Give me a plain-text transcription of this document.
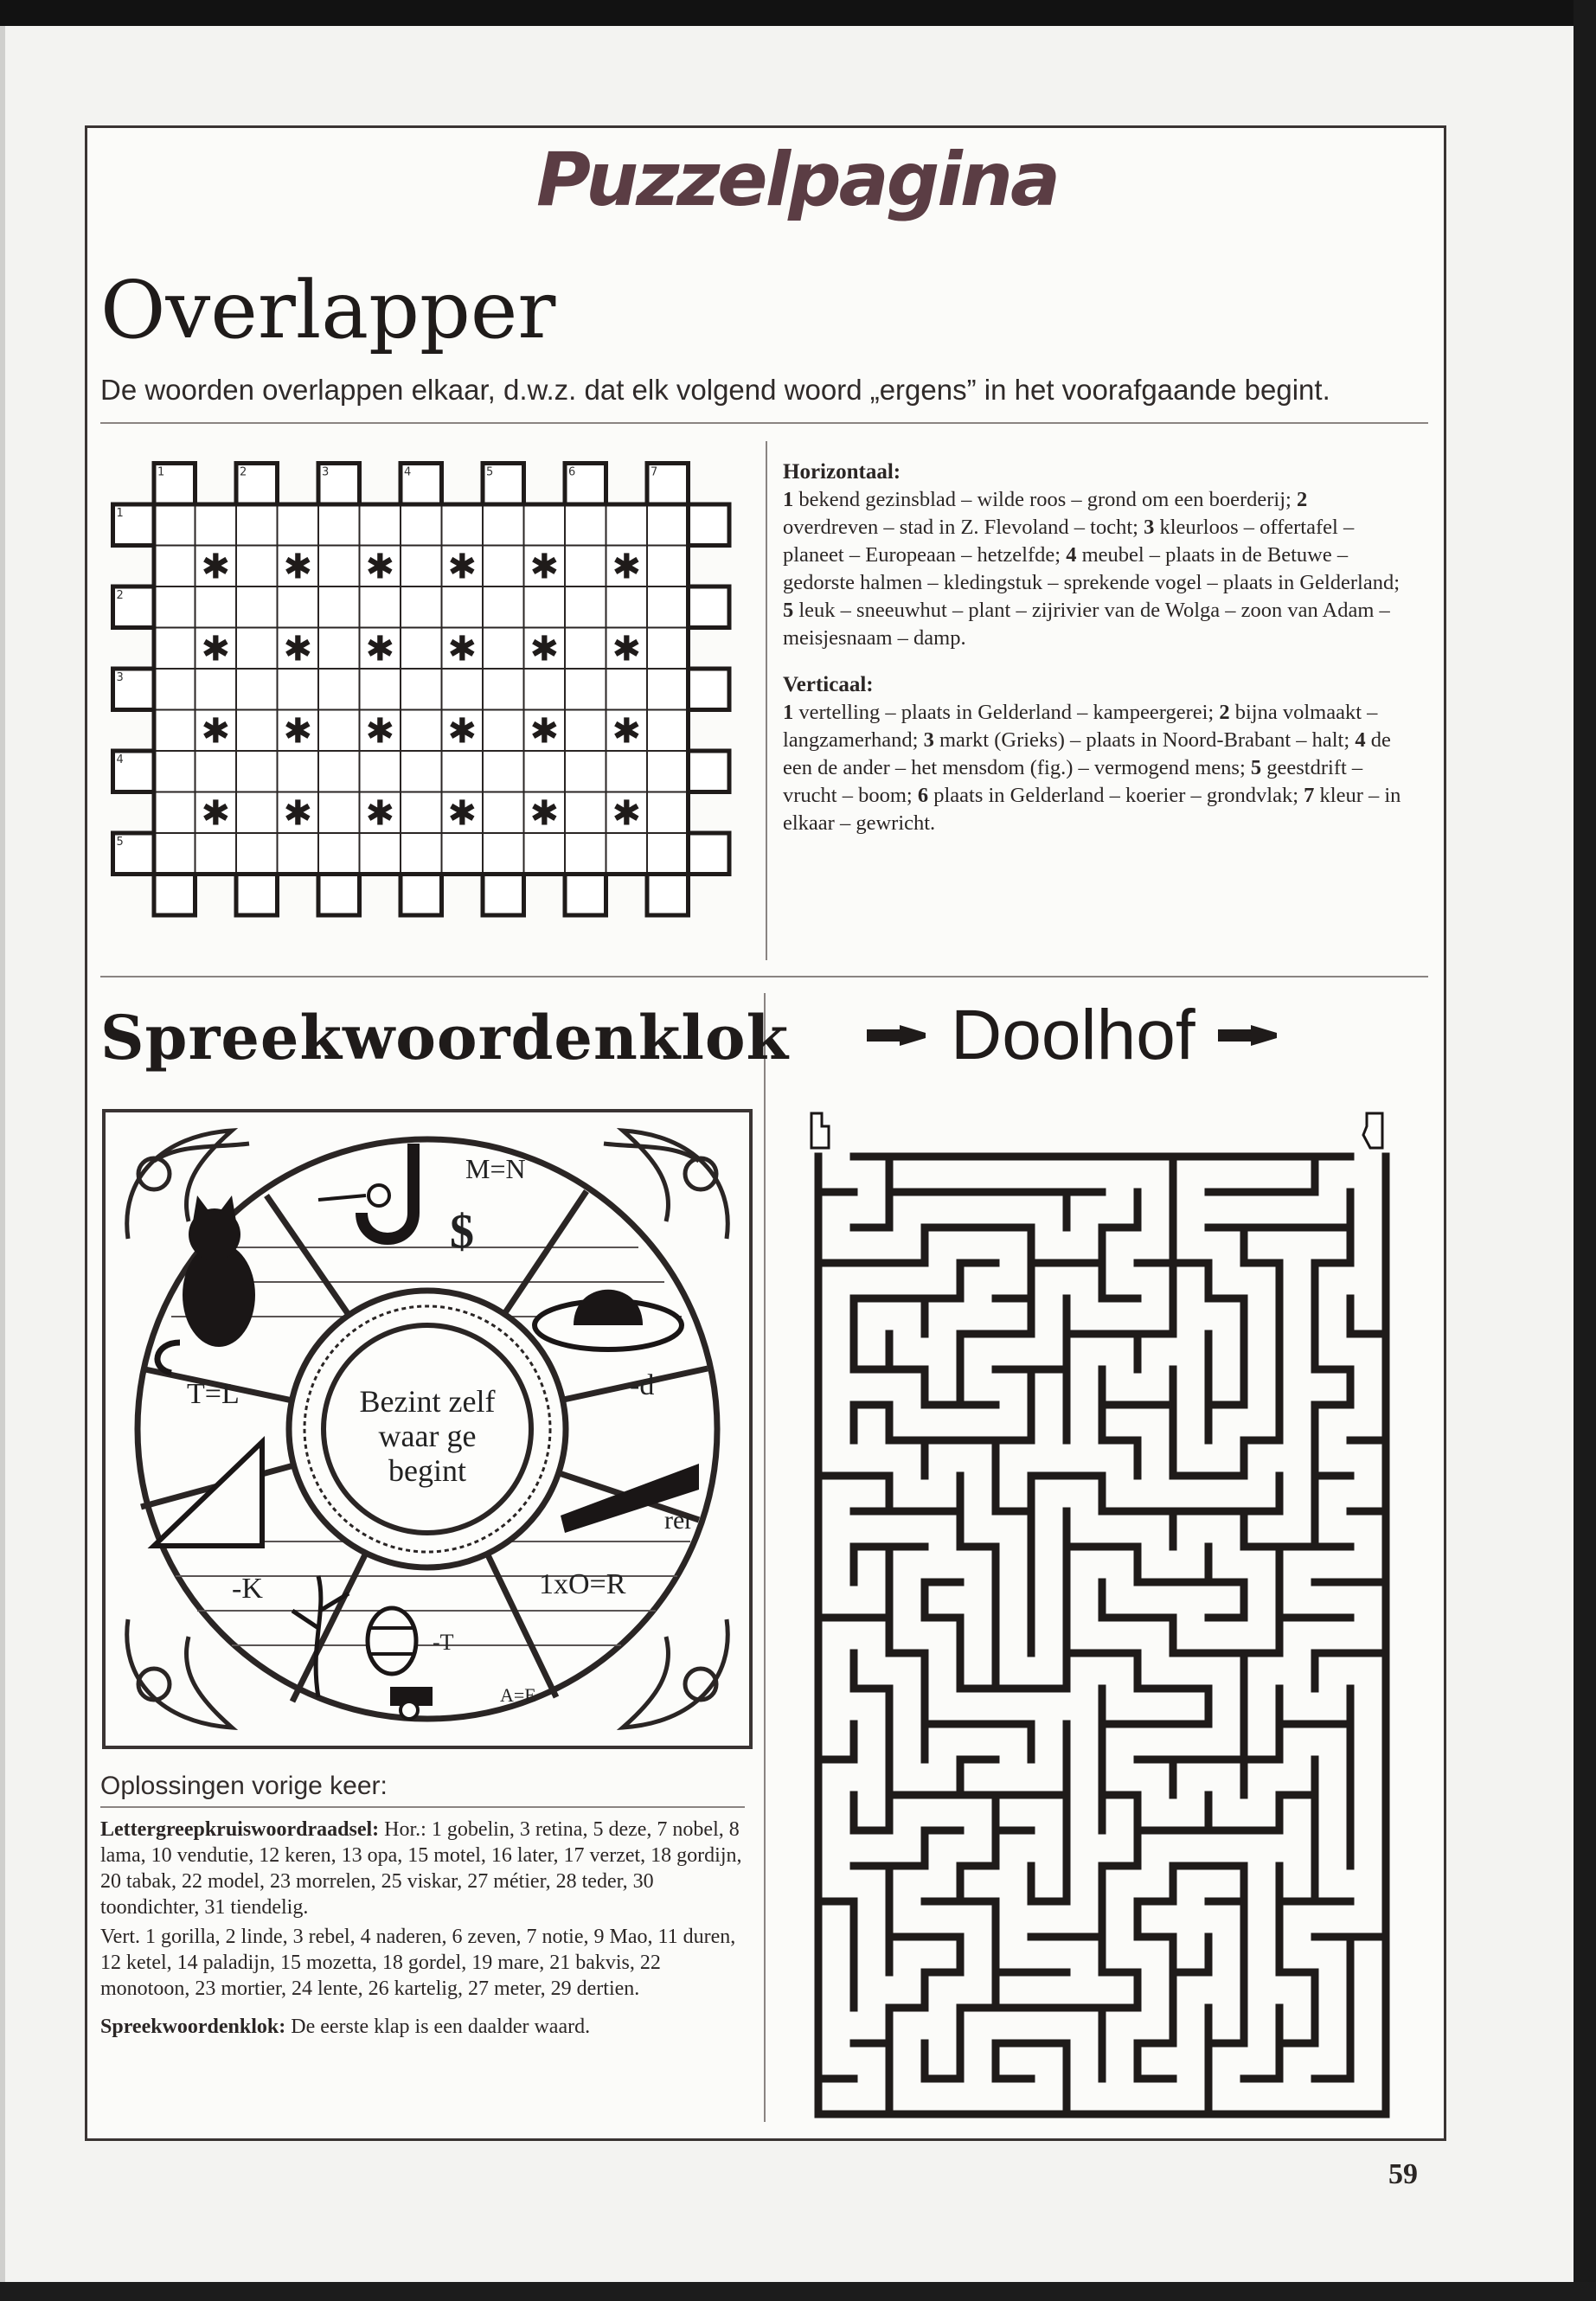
Puzzelpagina
Overlapper
De woorden overlappen elkaar, d.w.z. dat elk volgend woord „ergens” in het voorafgaande begint.
✱ ✱ ✱ ✱ ✱ ✱
✱ ✱ ✱ ✱ ✱ ✱
✱ ✱ ✱ ✱ ✱ ✱
✱ ✱ ✱ ✱ ✱ ✱
1	2	3	4	5	6	7
1
2
3
4
5
Horizontaal:

1 bekend gezinsblad – wilde roos – grond om een boerderij; 2 overdreven – stad in Z. Flevoland – tocht; 3 kleurloos – offertafel – planeet – Europeaan – hetzelfde; 4 meubel – plaats in de Betuwe – gedorste halmen – kledingstuk – sprekende vogel – plaats in Gelderland; 5 leuk – sneeuwhut – plant – zijrivier van de Wolga – zoon van Adam – meisjesnaam – damp.

Verticaal:

1 vertelling – plaats in Gelderland – kampeergerei; 2 bijna volmaakt – langzamerhand; 3 markt (Grieks) – plaats in Noord-Brabant – halt; 4 de een de ander – het mensdom (fig.) – vermogend mens; 5 geestdrift – vrucht – boom; 6 plaats in Gelderland – koerier – grondvlak; 7 kleur – in elkaar – gewricht.

Spreekwoordenklok Doolhof
Bezint zelf waar ge begint
M=N
$
T=L	-d
-K
rer
1xO=R
-T
A=E
Oplossingen vorige keer:

Lettergreepkruiswoordraadsel: Hor.: 1 gobelin, 3 retina, 5 deze, 7 nobel, 8 lama, 10 vendutie, 12 keren, 13 opa, 15 motel, 16 later, 17 verzet, 18 gordijn, 20 tabak, 22 model, 23 morrelen, 25 viskar, 27 métier, 28 teder, 30 toondichter, 31 tiendelig.

Vert. 1 gorilla, 2 linde, 3 rebel, 4 naderen, 6 zeven, 7 notie, 9 Mao, 11 duren, 12 ketel, 14 paladijn, 15 mozetta, 18 gordel, 19 mare, 21 bakvis, 22 monotoon, 23 mortier, 24 lente, 26 kartelig, 27 meter, 29 dertien.

Spreekwoordenklok: De eerste klap is een daalder waard.

59
